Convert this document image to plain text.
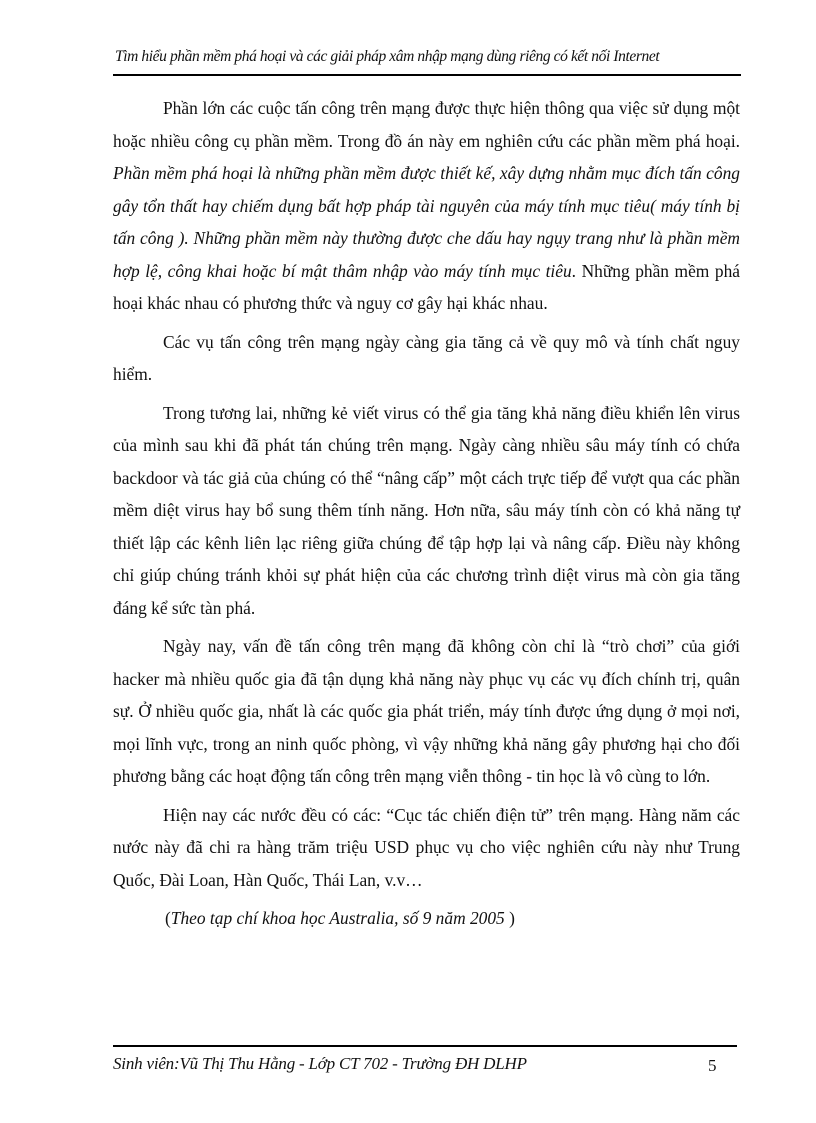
Tìm hiểu phần mềm phá hoại và các giải pháp xâm nhập mạng dùng riêng có kết nối Internet

Phần lớn các cuộc tấn công trên mạng được thực hiện thông qua việc sử dụng một hoặc nhiều công cụ phần mềm. Trong đồ án này em nghiên cứu các phần mềm phá hoại. Phần mềm phá hoại là những phần mềm được thiết kế, xây dựng nhằm mục đích tấn công gây tổn thất hay chiếm dụng bất hợp pháp tài nguyên của máy tính mục tiêu( máy tính bị tấn công ). Những phần mềm này thường được che dấu hay ngụy trang như là phần mềm hợp lệ, công khai hoặc bí mật thâm nhập vào máy tính mục tiêu. Những phần mềm phá hoại khác nhau có phương thức và nguy cơ gây hại khác nhau.

Các vụ tấn công trên mạng ngày càng gia tăng cả về quy mô và tính chất nguy hiểm.

Trong tương lai, những kẻ viết virus có thể gia tăng khả năng điều khiển lên virus của mình sau khi đã phát tán chúng trên mạng. Ngày càng nhiều sâu máy tính có chứa backdoor và tác giả của chúng có thể “nâng cấp” một cách trực tiếp để vượt qua các phần mềm diệt virus hay bổ sung thêm tính năng. Hơn nữa, sâu máy tính còn có khả năng tự thiết lập các kênh liên lạc riêng giữa chúng để tập hợp lại và nâng cấp. Điều này không chỉ giúp chúng tránh khỏi sự phát hiện của các chương trình diệt virus mà còn gia tăng đáng kể sức tàn phá.

Ngày nay, vấn đề tấn công trên mạng đã không còn chỉ là “trò chơi” của giới hacker mà nhiều quốc gia đã tận dụng khả năng này phục vụ các vụ đích chính trị, quân sự. Ở nhiều quốc gia, nhất là các quốc gia phát triển, máy tính được ứng dụng ở mọi nơi, mọi lĩnh vực, trong an ninh quốc phòng, vì vậy những khả năng gây phương hại cho đối phương bằng các hoạt động tấn công trên mạng viễn thông - tin học là vô cùng to lớn.

Hiện nay các nước đều có các: “Cục tác chiến điện tử” trên mạng. Hàng năm các nước này đã chi ra hàng trăm triệu USD phục vụ cho việc nghiên cứu này như Trung Quốc, Đài Loan, Hàn Quốc, Thái Lan, v.v…

(Theo tạp chí khoa học Australia, số 9 năm 2005 )

Sinh viên:Vũ Thị Thu Hằng - Lớp CT 702 - Trường ĐH DLHP	5
